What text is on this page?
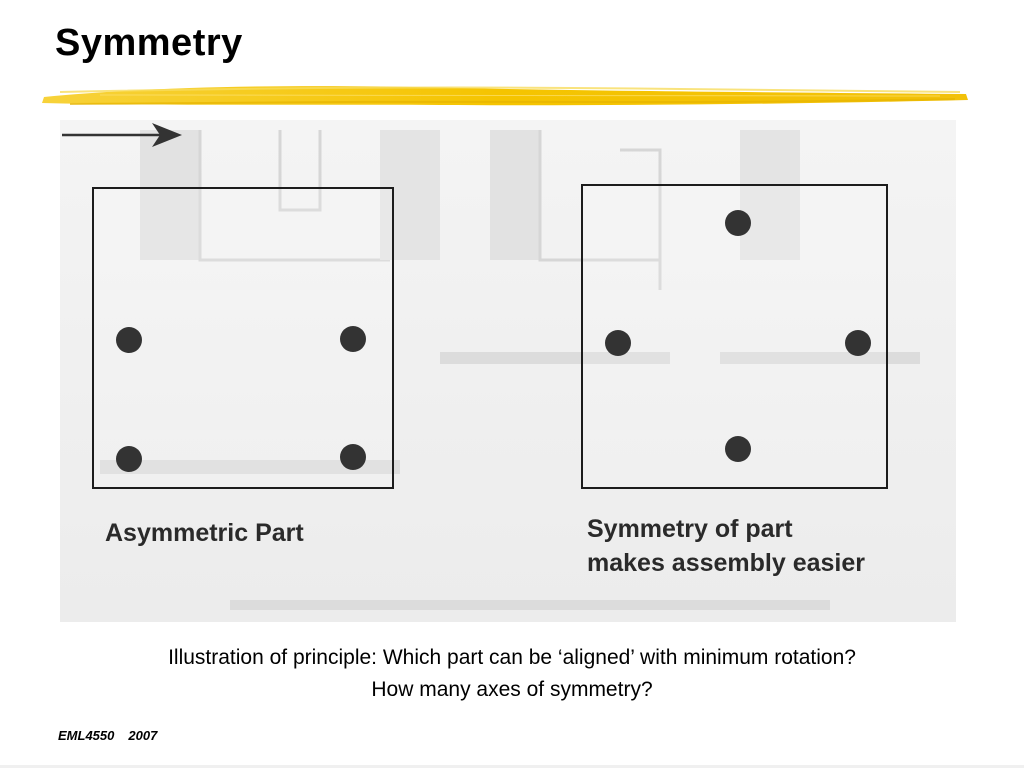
Symmetry

Asymmetric Part	Symmetry of part
makes assembly easier

Illustration of principle: Which part can be ‘aligned’ with minimum rotation?
How many axes of symmetry?

EML4550 2007
